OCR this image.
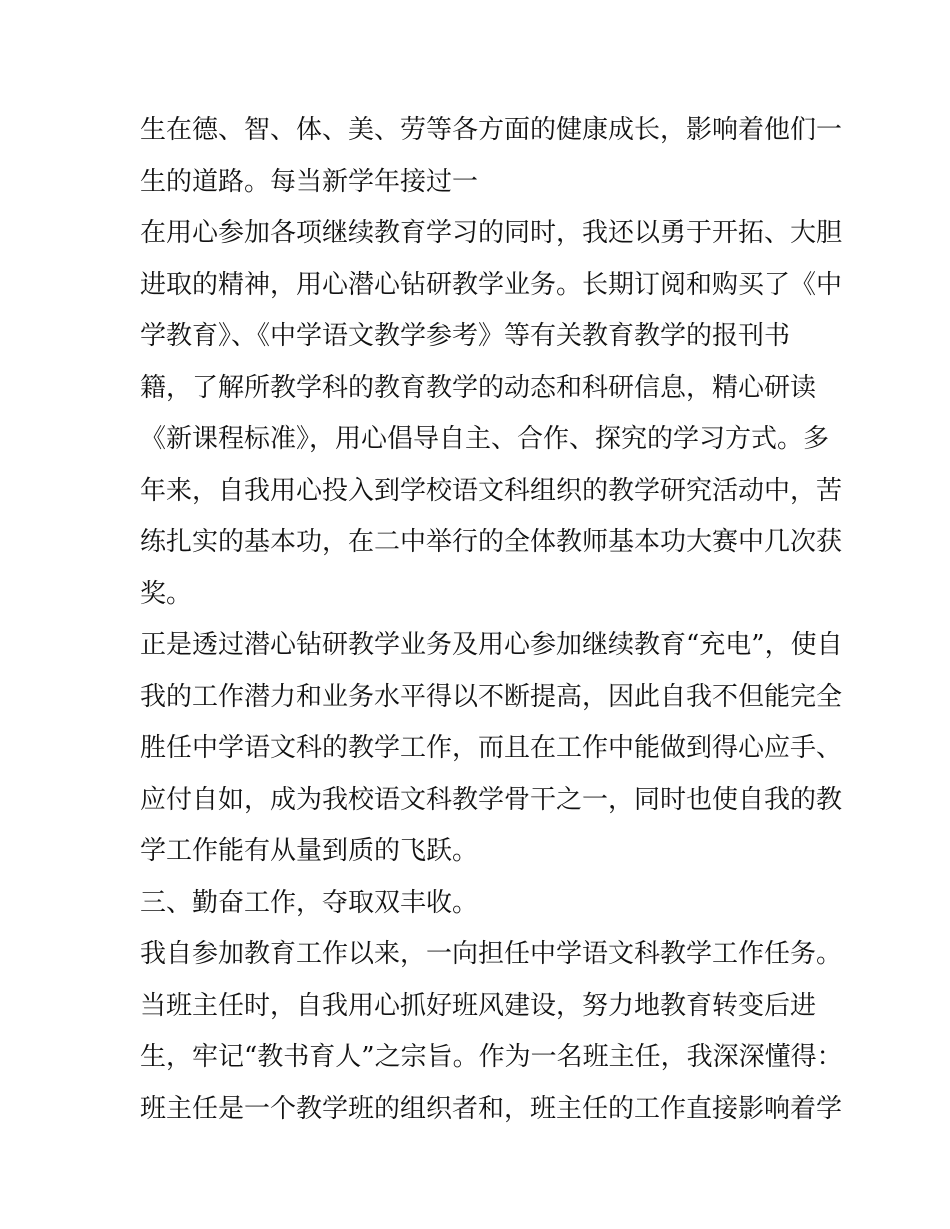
生在德、智、体、美、劳等各方面的健康成长，影响着他们一

生的道路。每当新学年接过一

在用心参加各项继续教育学习的同时，我还以勇于开拓、大胆

进取的精神，用心潜心钻研教学业务。长期订阅和购买了《中

学教育》、《中学语文教学参考》等有关教育教学的报刊书

籍，了解所教学科的教育教学的动态和科研信息，精心研读

《新课程标准》，用心倡导自主、合作、探究的学习方式。多

年来，自我用心投入到学校语文科组织的教学研究活动中，苦

练扎实的基本功，在二中举行的全体教师基本功大赛中几次获

奖。

正是透过潜心钻研教学业务及用心参加继续教育“充电”，使自

我的工作潜力和业务水平得以不断提高，因此自我不但能完全

胜任中学语文科的教学工作，而且在工作中能做到得心应手、

应付自如，成为我校语文科教学骨干之一，同时也使自我的教

学工作能有从量到质的飞跃。

三、勤奋工作，夺取双丰收。

我自参加教育工作以来，一向担任中学语文科教学工作任务。

当班主任时，自我用心抓好班风建设，努力地教育转变后进

生，牢记“教书育人”之宗旨。作为一名班主任，我深深懂得：

班主任是一个教学班的组织者和，班主任的工作直接影响着学
